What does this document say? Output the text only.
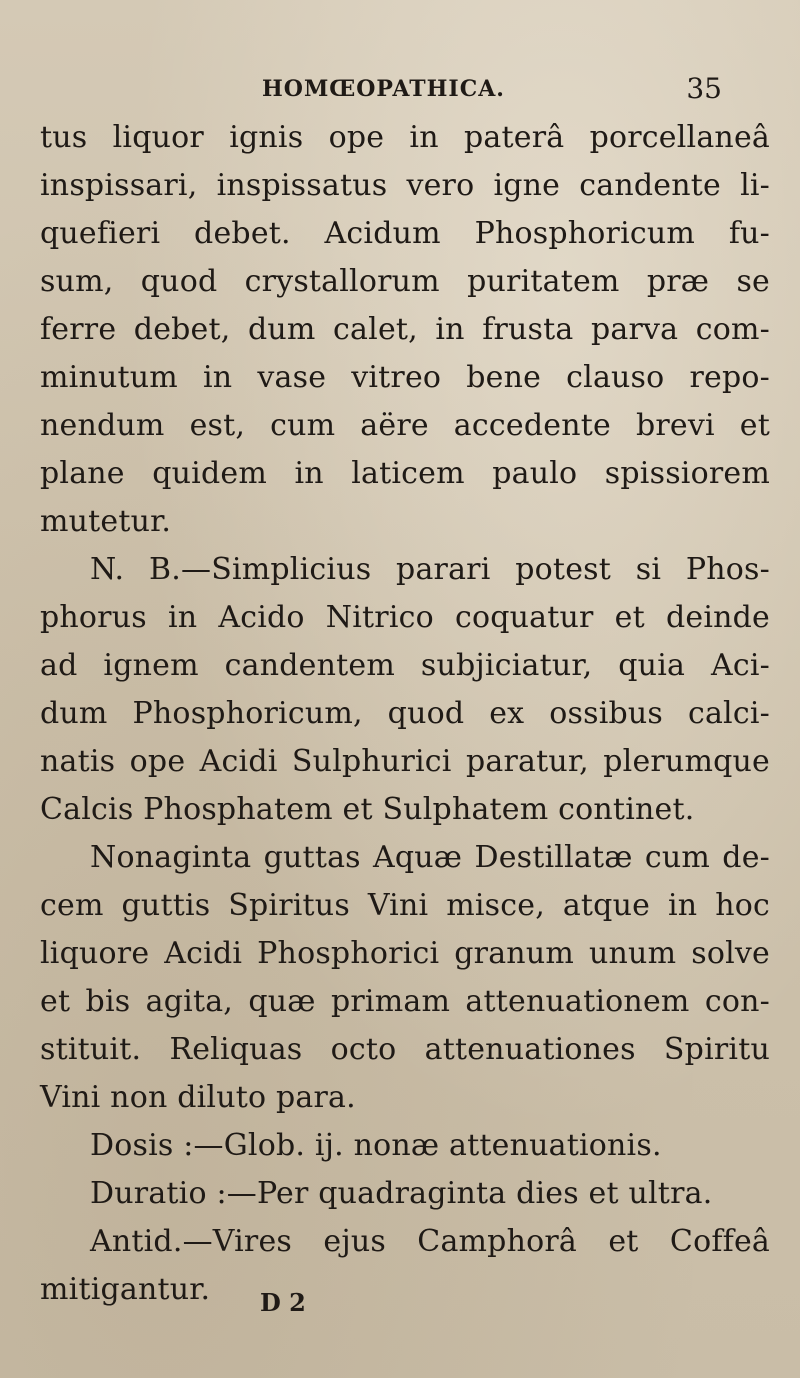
HOMŒOPATHICA.	35
tus liquor ignis ope in paterâ porcellaneâ
inspissari, inspissatus vero igne candente li-
quefieri debet. Acidum Phosphoricum fu-
sum, quod crystallorum puritatem præ se
ferre debet, dum calet, in frusta parva com-
minutum in vase vitreo bene clauso repo-
nendum est, cum aëre accedente brevi et
plane quidem in laticem paulo spissiorem
mutetur.
N. B.—Simplicius parari potest si Phos-
phorus in Acido Nitrico coquatur et deinde
ad ignem candentem subjiciatur, quia Aci-
dum Phosphoricum, quod ex ossibus calci-
natis ope Acidi Sulphurici paratur, plerumque
Calcis Phosphatem et Sulphatem continet.
Nonaginta guttas Aquæ Destillatæ cum de-
cem guttis Spiritus Vini misce, atque in hoc
liquore Acidi Phosphorici granum unum solve
et bis agita, quæ primam attenuationem con-
stituit. Reliquas octo attenuationes Spiritu
Vini non diluto para.
Dosis :—Glob. ij. nonæ attenuationis.
Duratio :—Per quadraginta dies et ultra.
Antid.—Vires ejus Camphorâ et Coffeâ
mitigantur. D 2
